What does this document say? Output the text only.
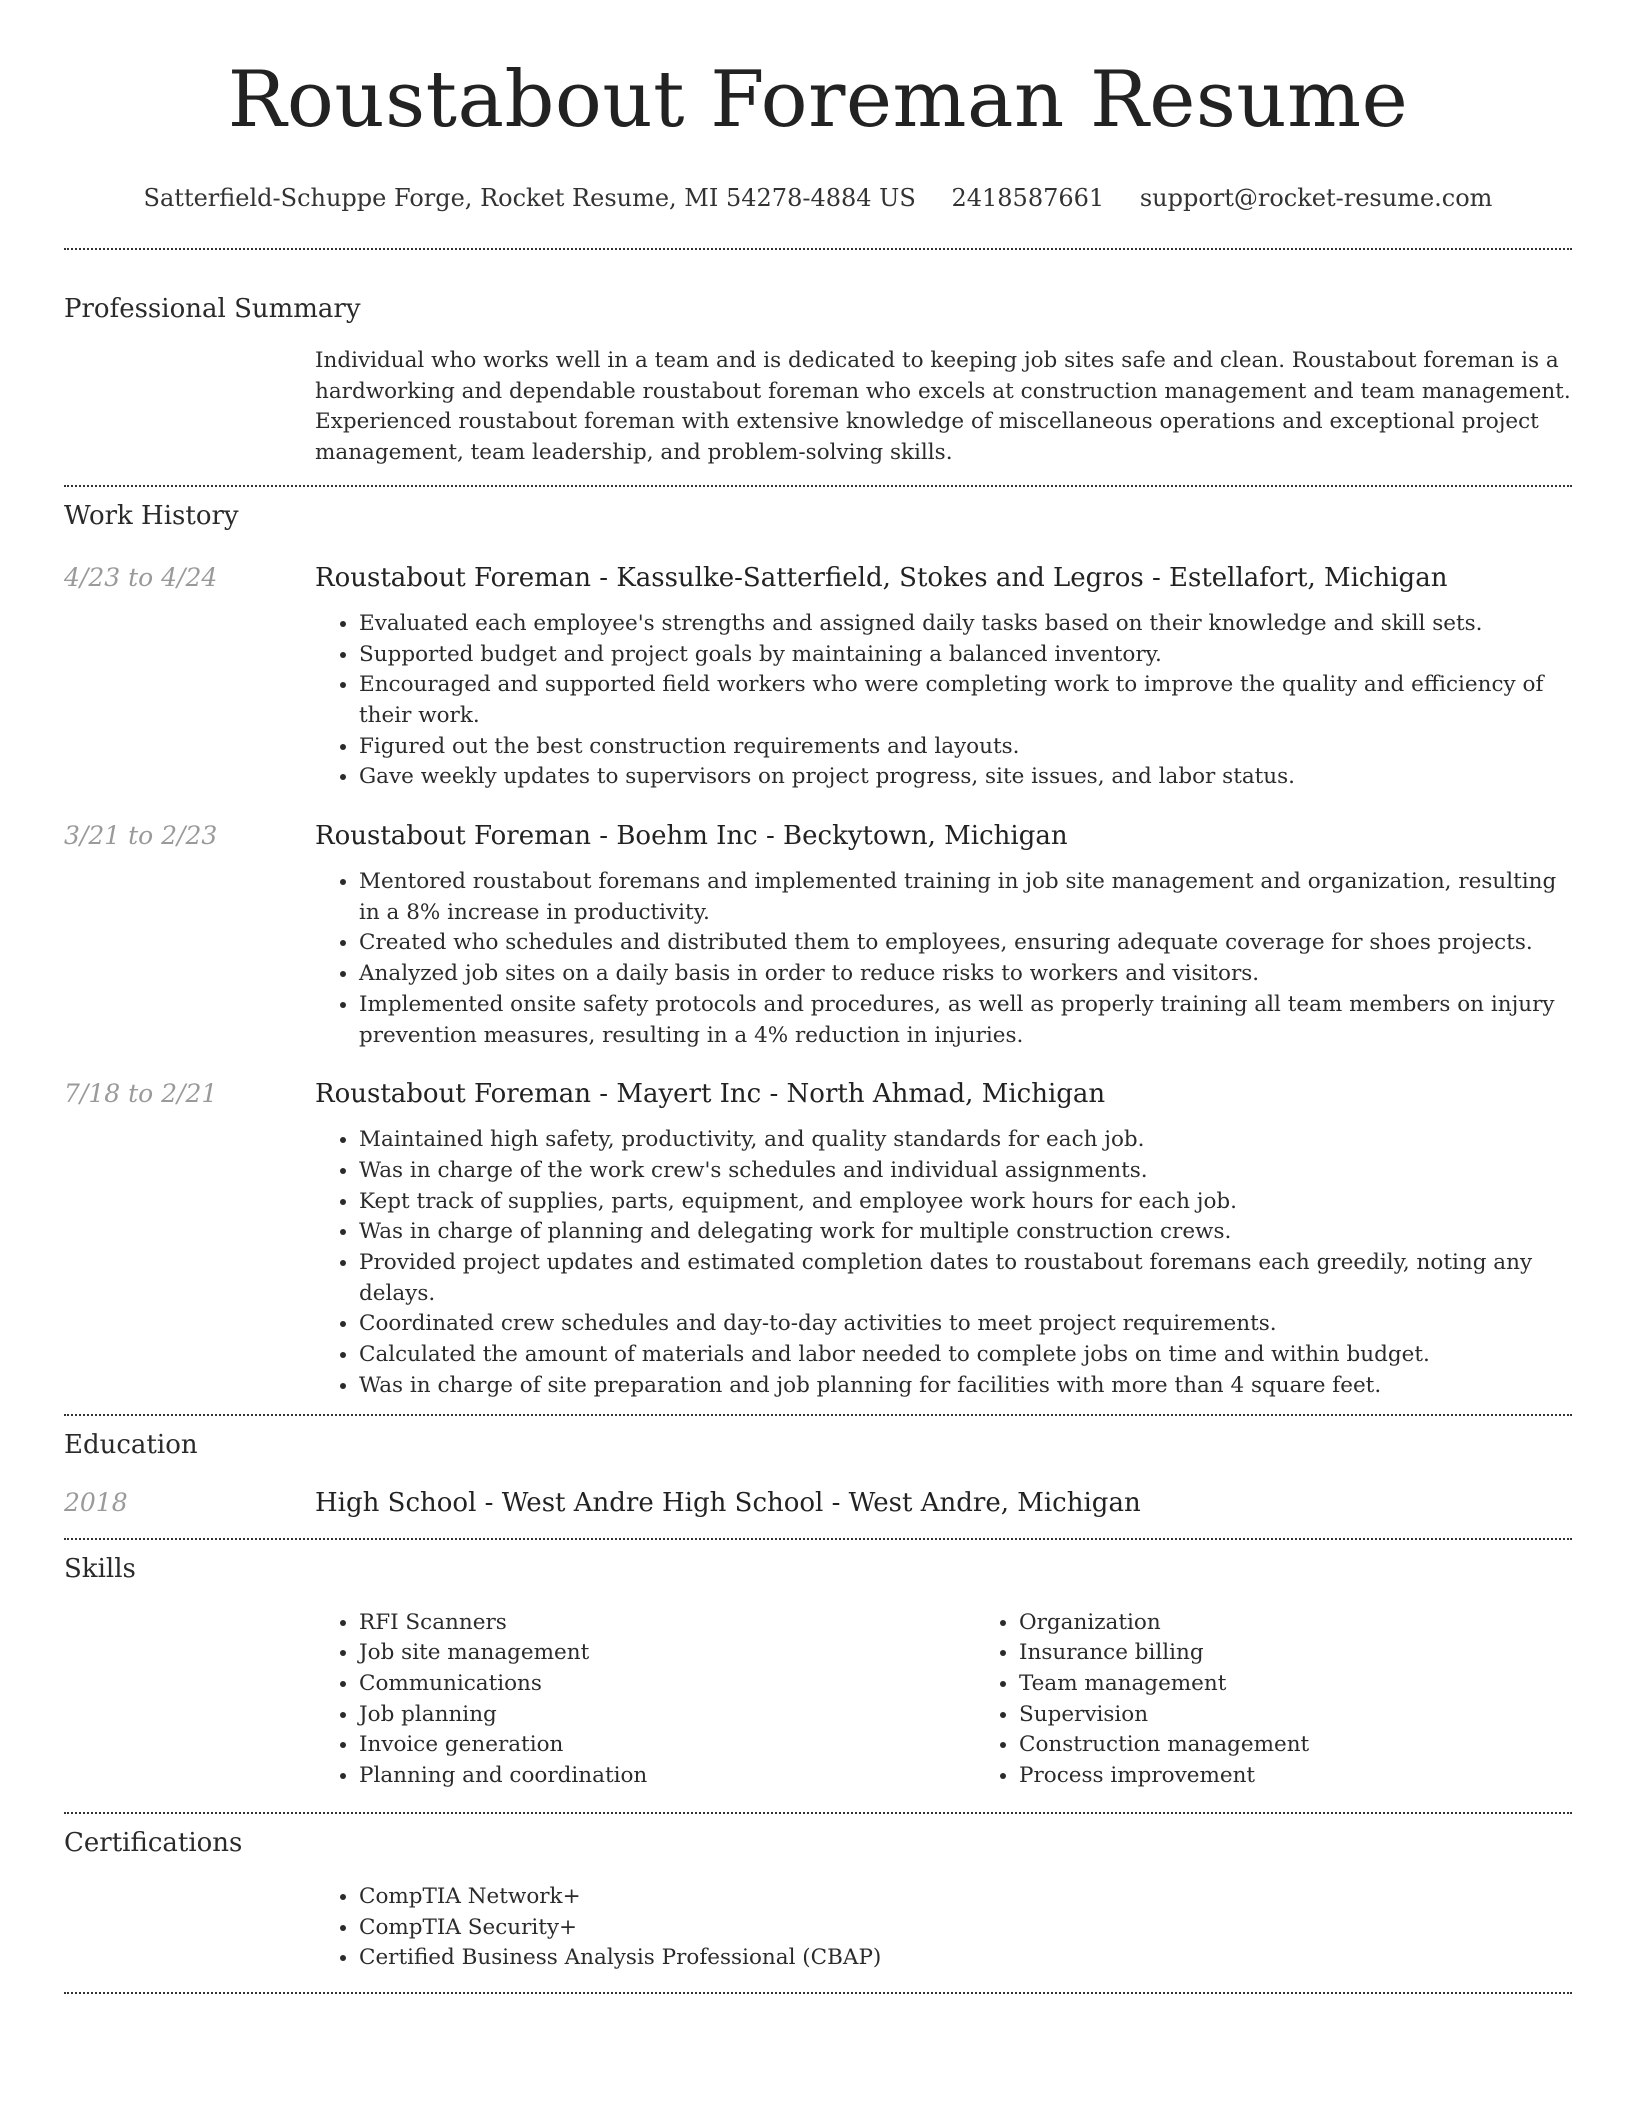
Roustabout Foreman Resume
Satterfield-Schuppe Forge, Rocket Resume, MI 54278-4884 US 2418587661 support@rocket-resume.com
Professional Summary
Individual who works well in a team and is dedicated to keeping job sites safe and clean. Roustabout foreman is a hardworking and dependable roustabout foreman who excels at construction management and team management. Experienced roustabout foreman with extensive knowledge of miscellaneous operations and exceptional project management, team leadership, and problem-solving skills.
Work History
4/23 to 4/24	Roustabout Foreman - Kassulke-Satterfield, Stokes and Legros - Estellafort, Michigan
• Evaluated each employee's strengths and assigned daily tasks based on their knowledge and skill sets.
• Supported budget and project goals by maintaining a balanced inventory.
• Encouraged and supported field workers who were completing work to improve the quality and efficiency of their work.
• Figured out the best construction requirements and layouts.
• Gave weekly updates to supervisors on project progress, site issues, and labor status.
3/21 to 2/23	Roustabout Foreman - Boehm Inc - Beckytown, Michigan
• Mentored roustabout foremans and implemented training in job site management and organization, resulting in a 8% increase in productivity.
• Created who schedules and distributed them to employees, ensuring adequate coverage for shoes projects.
• Analyzed job sites on a daily basis in order to reduce risks to workers and visitors.
• Implemented onsite safety protocols and procedures, as well as properly training all team members on injury prevention measures, resulting in a 4% reduction in injuries.
7/18 to 2/21	Roustabout Foreman - Mayert Inc - North Ahmad, Michigan
• Maintained high safety, productivity, and quality standards for each job.
• Was in charge of the work crew's schedules and individual assignments.
• Kept track of supplies, parts, equipment, and employee work hours for each job.
• Was in charge of planning and delegating work for multiple construction crews.
• Provided project updates and estimated completion dates to roustabout foremans each greedily, noting any delays.
• Coordinated crew schedules and day-to-day activities to meet project requirements.
• Calculated the amount of materials and labor needed to complete jobs on time and within budget.
• Was in charge of site preparation and job planning for facilities with more than 4 square feet.
Education
2018	High School - West Andre High School - West Andre, Michigan
Skills
• RFI Scanners
• Job site management
• Communications
• Job planning
• Invoice generation
• Planning and coordination
• Organization
• Insurance billing
• Team management
• Supervision
• Construction management
• Process improvement
Certifications
• CompTIA Network+
• CompTIA Security+
• Certified Business Analysis Professional (CBAP)
